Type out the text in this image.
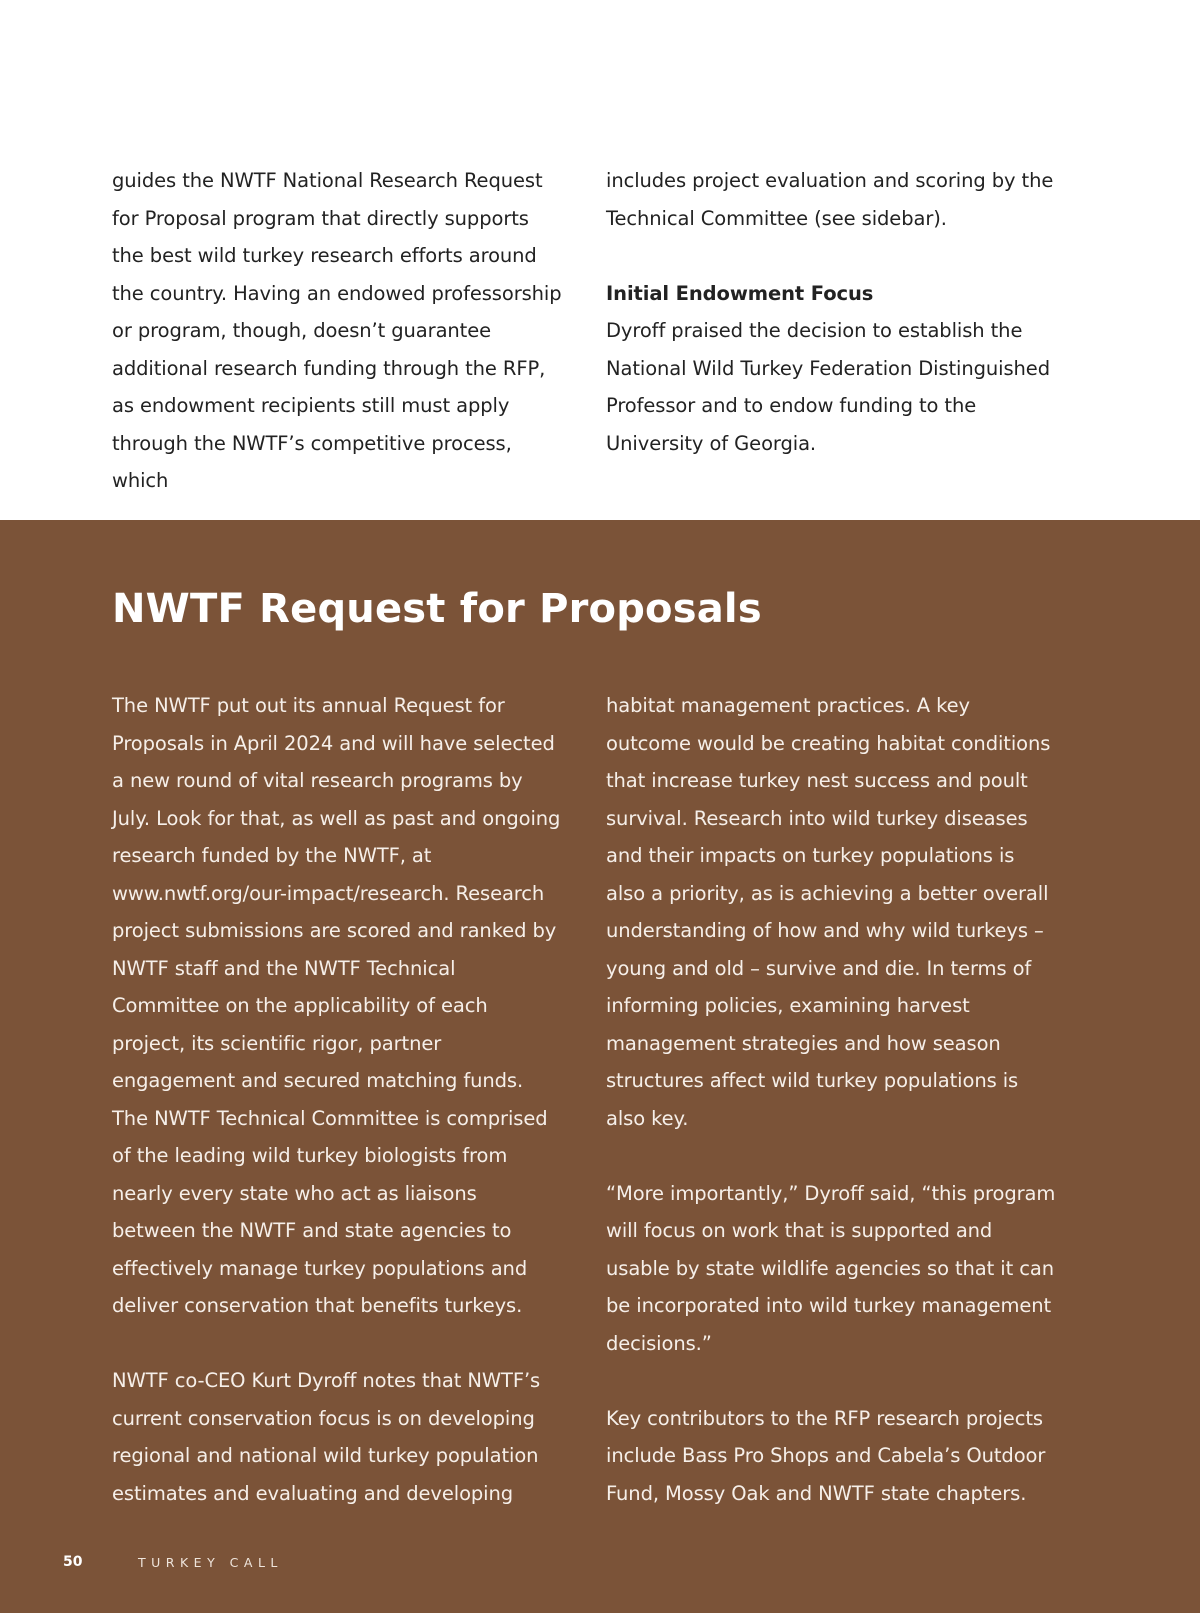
guides the NWTF National Research Request for Proposal program that directly supports the best wild turkey research efforts around the country. Having an endowed professorship or program, though, doesn’t guarantee additional research funding through the RFP, as endowment recipients still must apply through the NWTF’s competitive process, which

includes project evaluation and scoring by the Technical Committee (see sidebar).

Initial Endowment Focus

Dyroff praised the decision to establish the National Wild Turkey Federation Distinguished Professor and to endow funding to the University of Georgia.

NWTF Request for Proposals

The NWTF put out its annual Request for Proposals in April 2024 and will have selected a new round of vital research programs by July. Look for that, as well as past and ongoing research funded by the NWTF, at www.nwtf.org/our-impact/research. Research project submissions are scored and ranked by NWTF staff and the NWTF Technical Committee on the applicability of each project, its scientific rigor, partner engagement and secured matching funds. The NWTF Technical Committee is comprised of the leading wild turkey biologists from nearly every state who act as liaisons between the NWTF and state agencies to effectively manage turkey populations and deliver conservation that benefits turkeys.

NWTF co-CEO Kurt Dyroff notes that NWTF’s current conservation focus is on developing regional and national wild turkey population estimates and evaluating and developing

habitat management practices. A key outcome would be creating habitat conditions that increase turkey nest success and poult survival. Research into wild turkey diseases and their impacts on turkey populations is also a priority, as is achieving a better overall understanding of how and why wild turkeys – young and old – survive and die. In terms of informing policies, examining harvest management strategies and how season structures affect wild turkey populations is also key.

“More importantly,” Dyroff said, “this program will focus on work that is supported and usable by state wildlife agencies so that it can be incorporated into wild turkey management decisions.”

Key contributors to the RFP research projects include Bass Pro Shops and Cabela’s Outdoor Fund, Mossy Oak and NWTF state chapters.

50	TURKEY CALL
